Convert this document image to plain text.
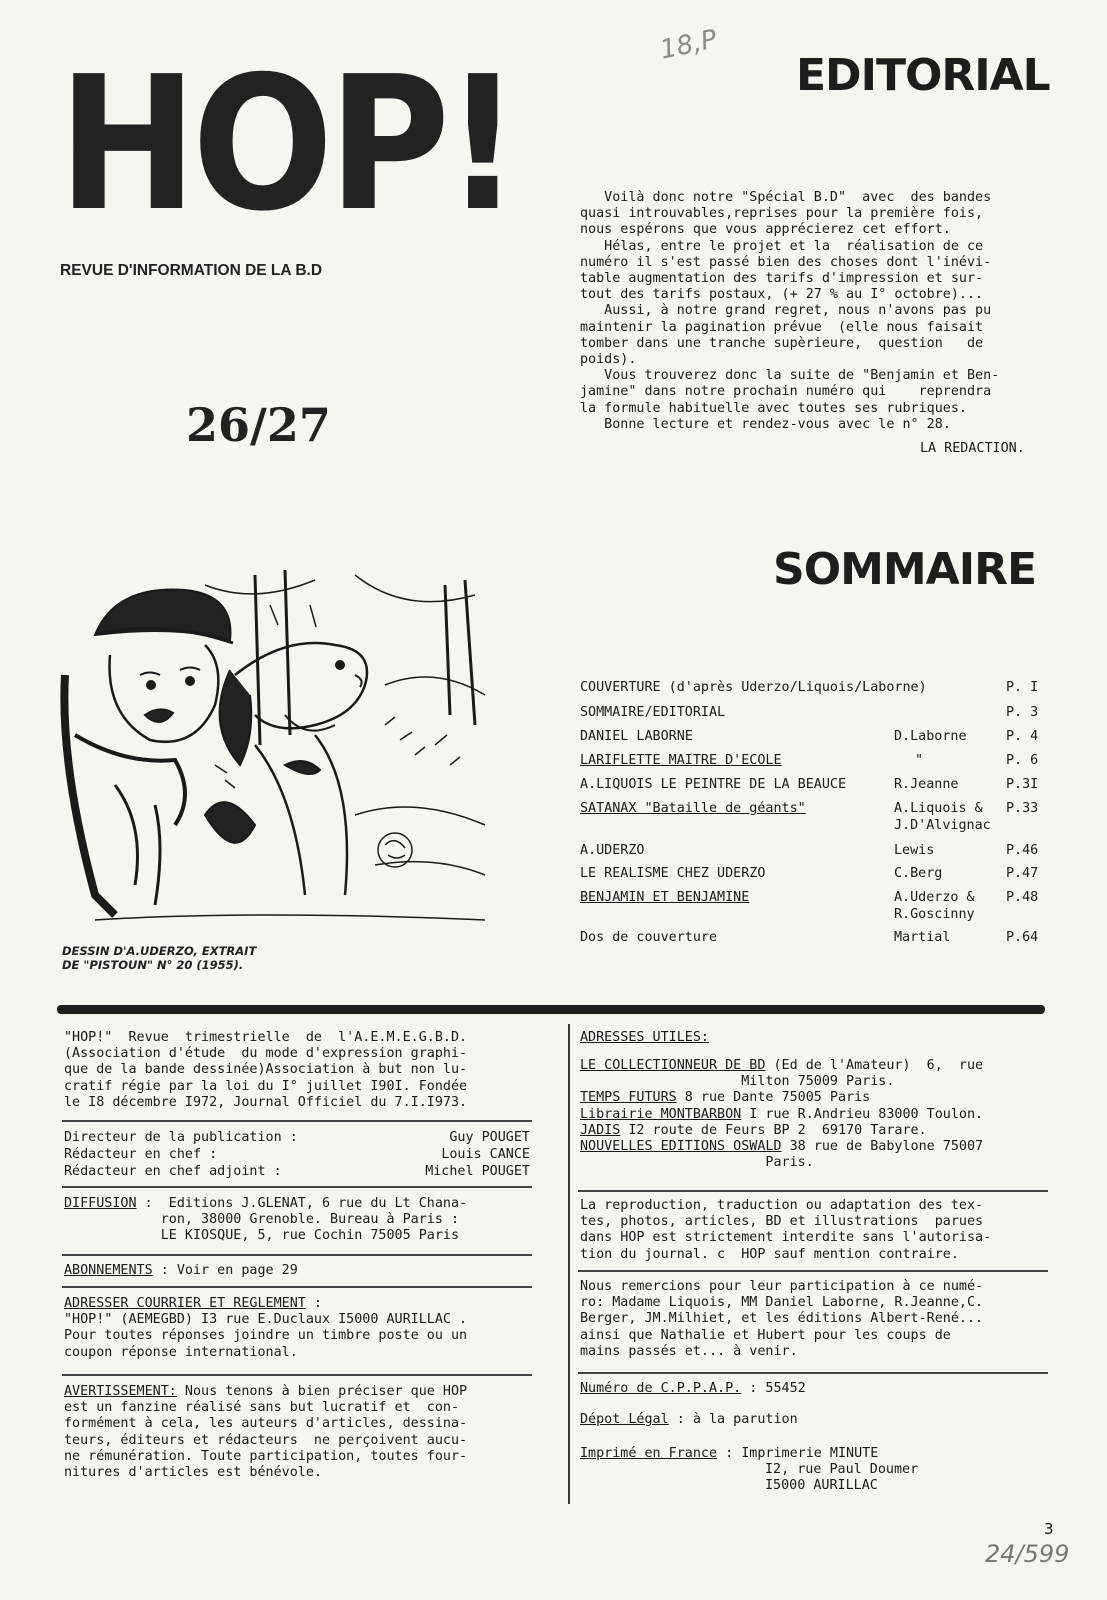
HOP!
REVUE D'INFORMATION DE LA B.D
26/27
18,P
EDITORIAL
Voilà donc notre "Spécial B.D"  avec  des bandes
quasi introuvables,reprises pour la première fois,
nous espérons que vous apprécierez cet effort.
Hélas, entre le projet et la  réalisation de ce
numéro il s'est passé bien des choses dont l'inévi-
table augmentation des tarifs d'impression et sur-
tout des tarifs postaux, (+ 27 % au I° octobre)...
Aussi, à notre grand regret, nous n'avons pas pu
maintenir la pagination prévue  (elle nous faisait
tomber dans une tranche supèrieure,  question   de
poids).
Vous trouverez donc la suite de "Benjamin et Ben-
jamine" dans notre prochain numéro qui    reprendra
la formule habituelle avec toutes ses rubriques.
Bonne lecture et rendez-vous avec le n° 28.
LA REDACTION.
SOMMAIRE
COUVERTURE (d'après Uderzo/Liquois/Laborne)	P. I
SOMMAIRE/EDITORIAL	P. 3
DANIEL LABORNE	D.Laborne	P. 4
LARIFLETTE MAITRE D'ECOLE	"	P. 6
A.LIQUOIS LE PEINTRE DE LA BEAUCE	R.Jeanne	P.3I
SATANAX "Bataille de géants"	A.Liquois & P.33
J.D'Alvignac
A.UDERZO	Lewis	P.46
LE REALISME CHEZ UDERZO	C.Berg	P.47
BENJAMIN ET BENJAMINE	A.Uderzo & P.48
R.Goscinny
Dos de couverture	Martial	P.64
DESSIN D'A.UDERZO, EXTRAIT
DE "PISTOUN" N° 20 (1955).
"HOP!"  Revue  trimestrielle  de  l'A.E.M.E.G.B.D.
(Association d'étude  du mode d'expression graphi-
que de la bande dessinée)Association à but non lu-
cratif régie par la loi du I° juillet I90I. Fondée
le I8 décembre I972, Journal Officiel du 7.I.I973.
Directeur de la publication :	Guy POUGET
Rédacteur en chef :	Louis CANCE
Rédacteur en chef adjoint :	Michel POUGET
DIFFUSION :  Editions J.GLENAT, 6 rue du Lt Chana-
ron, 38000 Grenoble. Bureau à Paris :
LE KIOSQUE, 5, rue Cochin 75005 Paris
ABONNEMENTS : Voir en page 29
ADRESSER COURRIER ET REGLEMENT :
"HOP!" (AEMEGBD) I3 rue E.Duclaux I5000 AURILLAC .
Pour toutes réponses joindre un timbre poste ou un
coupon réponse international.
AVERTISSEMENT: Nous tenons à bien préciser que HOP
est un fanzine réalisé sans but lucratif et  con-
formément à cela, les auteurs d'articles, dessina-
teurs, éditeurs et rédacteurs  ne perçoivent aucu-
ne rémunération. Toute participation, toutes four-
nitures d'articles est bénévole.
ADRESSES UTILES:
LE COLLECTIONNEUR DE BD (Ed de l'Amateur)  6,  rue
Milton 75009 Paris.
TEMPS FUTURS 8 rue Dante 75005 Paris
Librairie MONTBARBON I rue R.Andrieu 83000 Toulon.
JADIS I2 route de Feurs BP 2  69170 Tarare.
NOUVELLES EDITIONS OSWALD 38 rue de Babylone 75007
Paris.
La reproduction, traduction ou adaptation des tex-
tes, photos, articles, BD et illustrations  parues
dans HOP est strictement interdite sans l'autorisa-
tion du journal. c  HOP sauf mention contraire.
Nous remercions pour leur participation à ce numé-
ro: Madame Liquois, MM Daniel Laborne, R.Jeanne,C.
Berger, JM.Milhiet, et les éditions Albert-René...
ainsi que Nathalie et Hubert pour les coups de
mains passés et... à venir.
Numéro de C.P.P.A.P. : 55452
Dépot Légal : à la parution
Imprimé en France : Imprimerie MINUTE
I2, rue Paul Doumer
I5000 AURILLAC
3
24/599
